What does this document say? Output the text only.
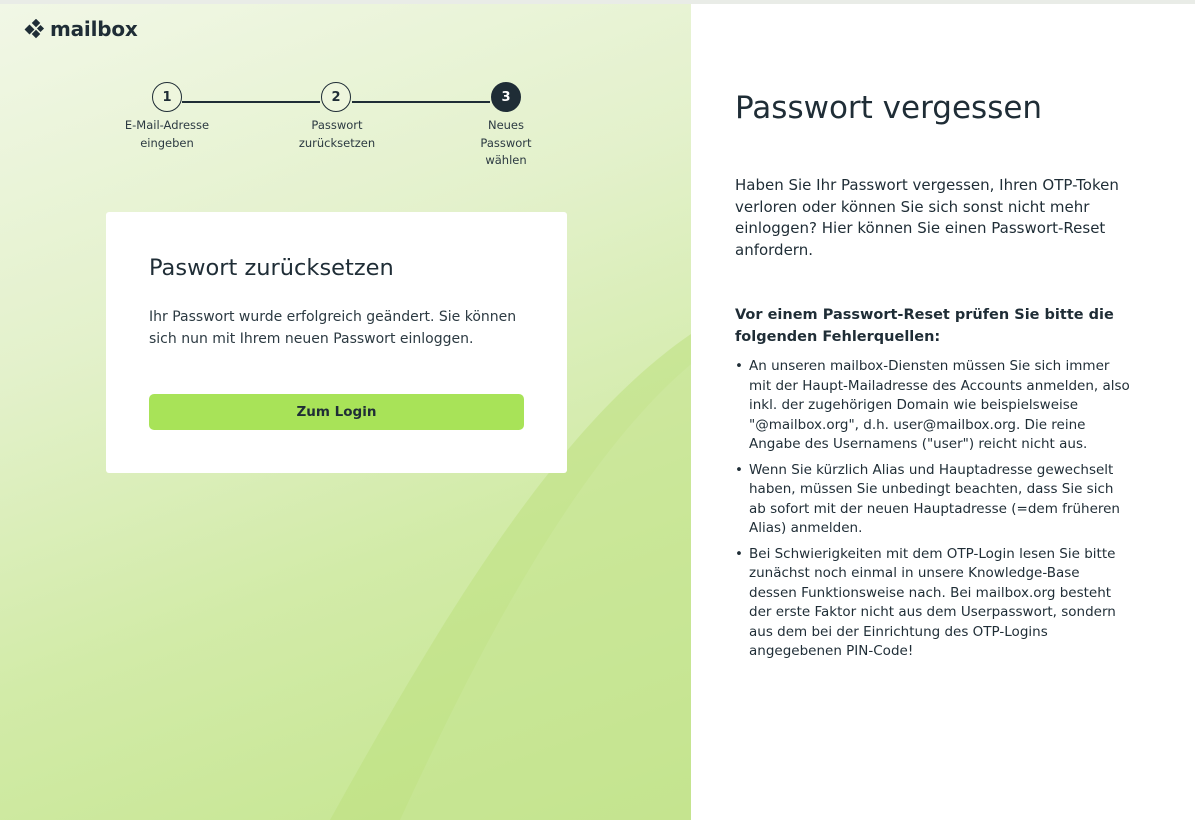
mailbox
1	2	3
E-Mail-Adresse eingeben
Passwort zurücksetzen
Neues Passwort wählen
Paswort zurücksetzen
Ihr Passwort wurde erfolgreich geändert. Sie können sich nun mit Ihrem neuen Passwort einloggen.
Zum Login
Passwort vergessen
Haben Sie Ihr Passwort vergessen, Ihren OTP-Token verloren oder können Sie sich sonst nicht mehr einloggen? Hier können Sie einen Passwort-Reset anfordern.
Vor einem Passwort-Reset prüfen Sie bitte die folgenden Fehlerquellen:
• An unseren mailbox-Diensten müssen Sie sich immer mit der Haupt-Mailadresse des Accounts anmelden, also inkl. der zugehörigen Domain wie beispielsweise "@mailbox.org", d.h. user@mailbox.org. Die reine Angabe des Usernamens ("user") reicht nicht aus.
• Wenn Sie kürzlich Alias und Hauptadresse gewechselt haben, müssen Sie unbedingt beachten, dass Sie sich ab sofort mit der neuen Hauptadresse (=dem früheren Alias) anmelden.
• Bei Schwierigkeiten mit dem OTP-Login lesen Sie bitte zunächst noch einmal in unsere Knowledge-Base dessen Funktionsweise nach. Bei mailbox.org besteht der erste Faktor nicht aus dem Userpasswort, sondern aus dem bei der Einrichtung des OTP-Logins angegebenen PIN-Code!
